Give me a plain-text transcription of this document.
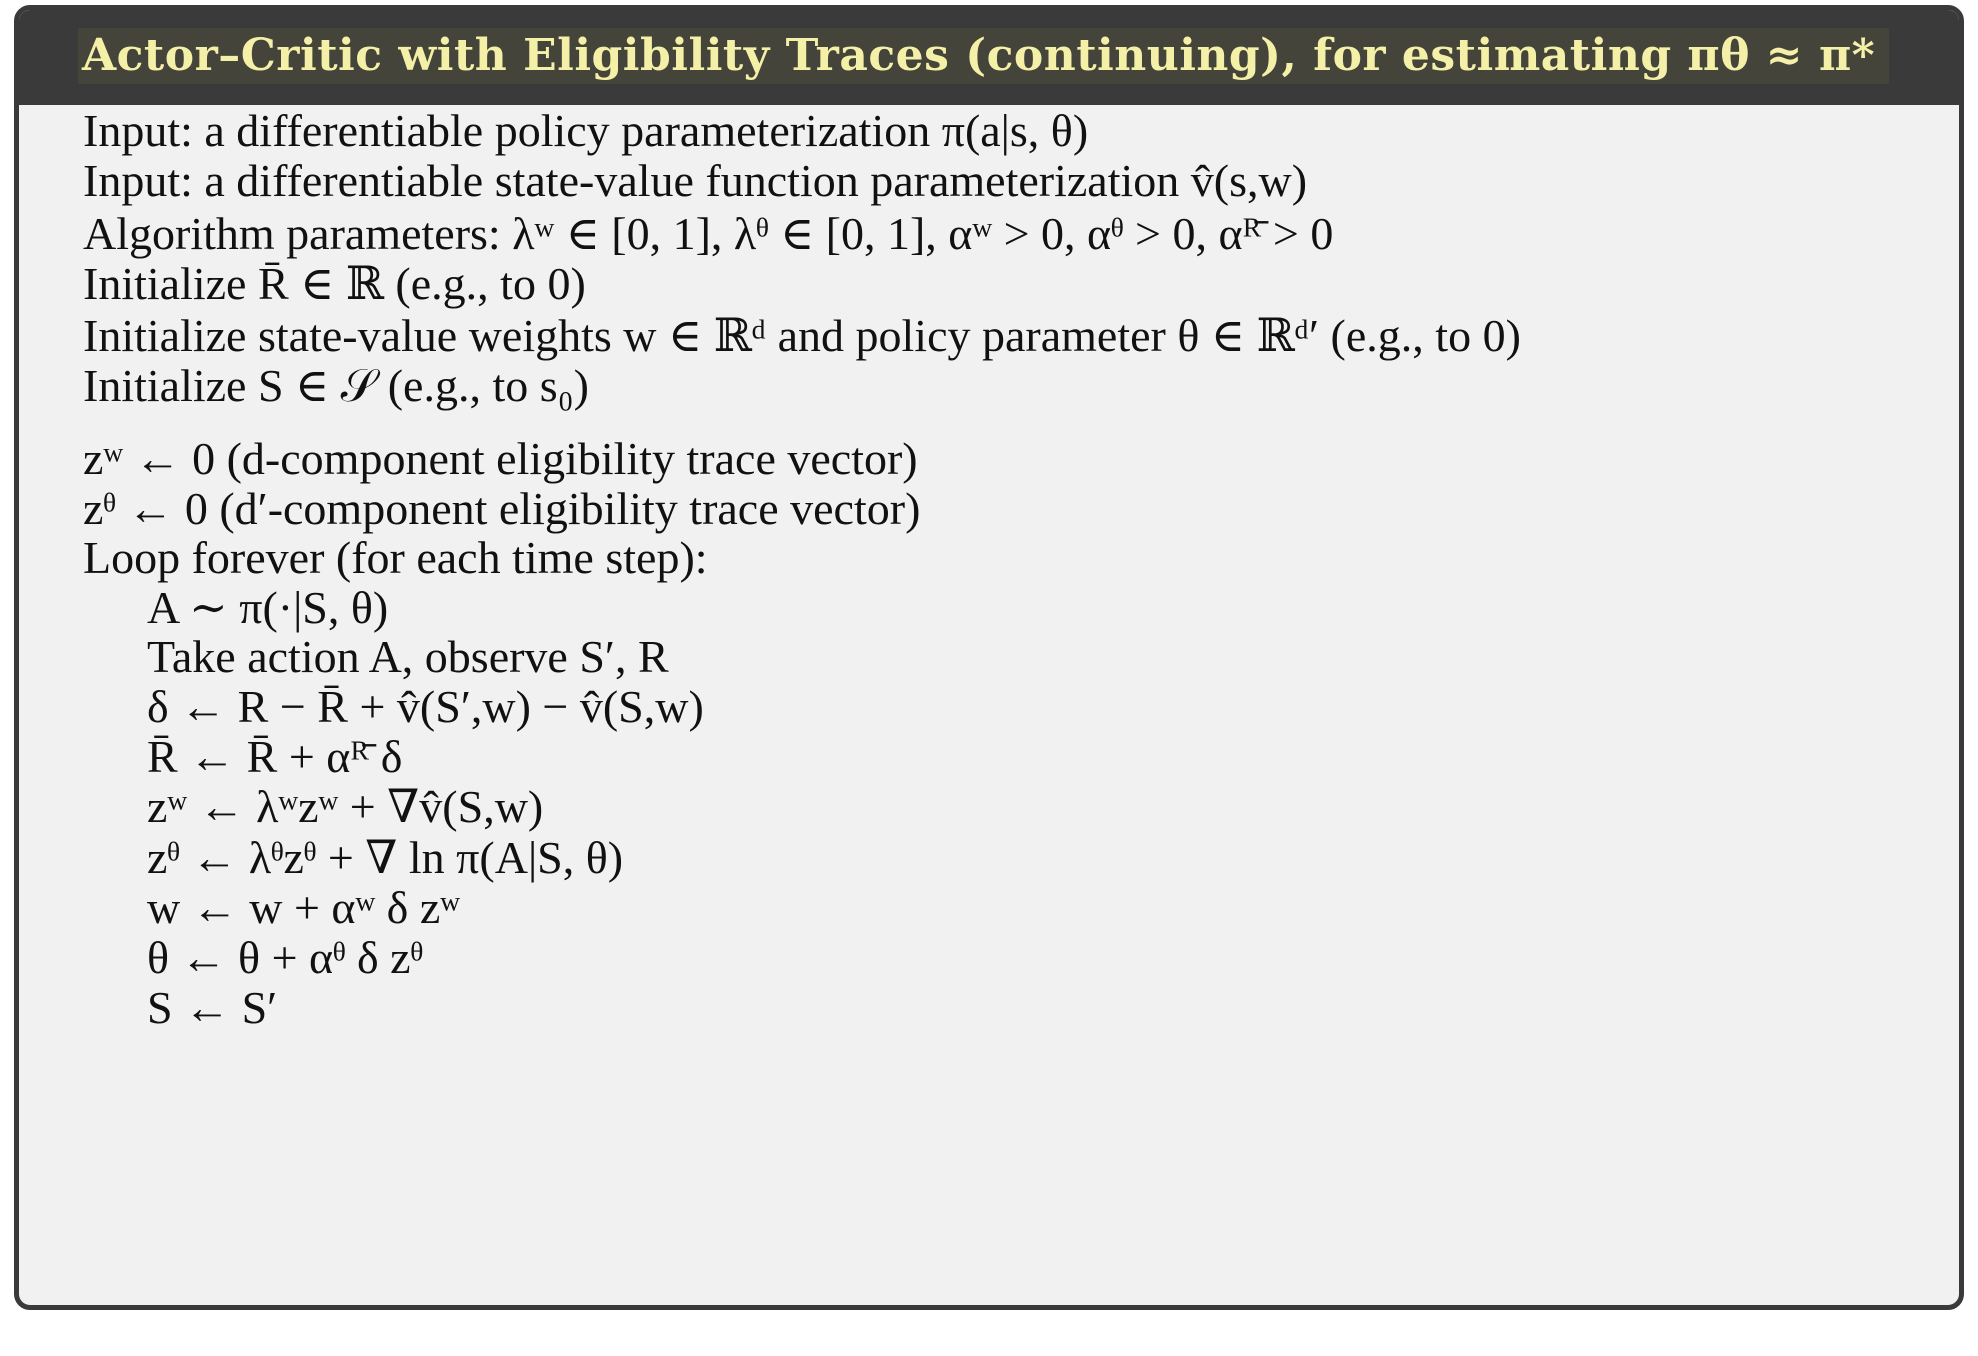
Actor–Critic with Eligibility Traces (continuing), for estimating πθ ≈ π*
Input: a differentiable policy parameterization π(a|s, θ)
Input: a differentiable state-value function parameterization v̂(s,w)
Algorithm parameters: λʷ ∈ [0, 1], λᶿ ∈ [0, 1], αʷ > 0, αᶿ > 0, αᴿ̄ > 0
Initialize R̄ ∈ ℝ (e.g., to 0)
Initialize state-value weights w ∈ ℝᵈ and policy parameter θ ∈ ℝᵈ′ (e.g., to 0)
Initialize S ∈ 𝒮 (e.g., to s₀)
zʷ ← 0 (d-component eligibility trace vector)
zᶿ ← 0 (d′-component eligibility trace vector)
Loop forever (for each time step):
A ∼ π(·|S, θ)
Take action A, observe S′, R
δ ← R − R̄ + v̂(S′,w) − v̂(S,w)
R̄ ← R̄ + αᴿ̄ δ
zʷ ← λʷzʷ + ∇v̂(S,w)
zᶿ ← λᶿzᶿ + ∇ ln π(A|S, θ)
w ← w + αʷ δ zʷ
θ ← θ + αᶿ δ zᶿ
S ← S′
